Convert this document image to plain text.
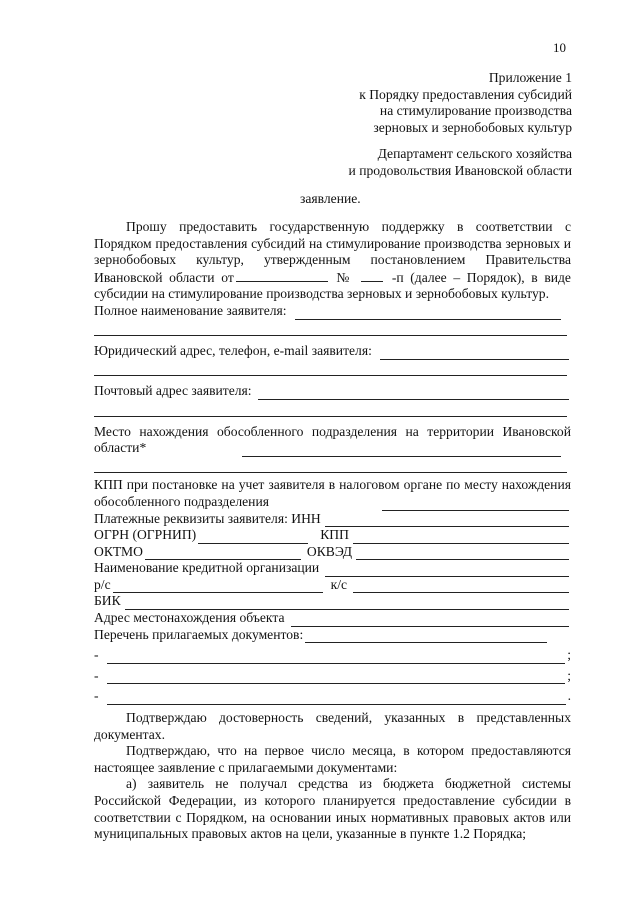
10
Приложение 1
к Порядку предоставления субсидий
на стимулирование производства
зерновых и зернобобовых культур
Департамент сельского хозяйства
и продовольствия Ивановской области
заявление.

Прошу предоставить государственную поддержку в соответствии с Порядком предоставления субсидий на стимулирование производства зерновых и зернобобовых культур, утвержденным постановлением Правительства Ивановской области от	№	-п (далее – Порядок), в виде субсидии на стимулирование производства зерновых и зернобобовых культур.

Полное наименование заявителя:
Юридический адрес, телефон, e-mail заявителя:
Почтовый адрес заявителя:

Место нахождения обособленного подразделения на территории Ивановской области*

КПП при постановке на учет заявителя в налоговом органе по месту нахождения обособленного подразделения

Платежные реквизиты заявителя: ИНН
ОГРН (ОГРНИП)	КПП
ОКТМО	ОКВЭД
Наименование кредитной организации
р/с	к/с
БИК
Адрес местонахождения объекта
Перечень прилагаемых документов:
-	;
-	;
-	.

Подтверждаю достоверность сведений, указанных в представленных документах.

Подтверждаю, что на первое число месяца, в котором предоставляются настоящее заявление с прилагаемыми документами:

а) заявитель не получал средства из бюджета бюджетной системы Российской Федерации, из которого планируется предоставление субсидии в соответствии с Порядком, на основании иных нормативных правовых актов или муниципальных правовых актов на цели, указанные в пункте 1.2 Порядка;
